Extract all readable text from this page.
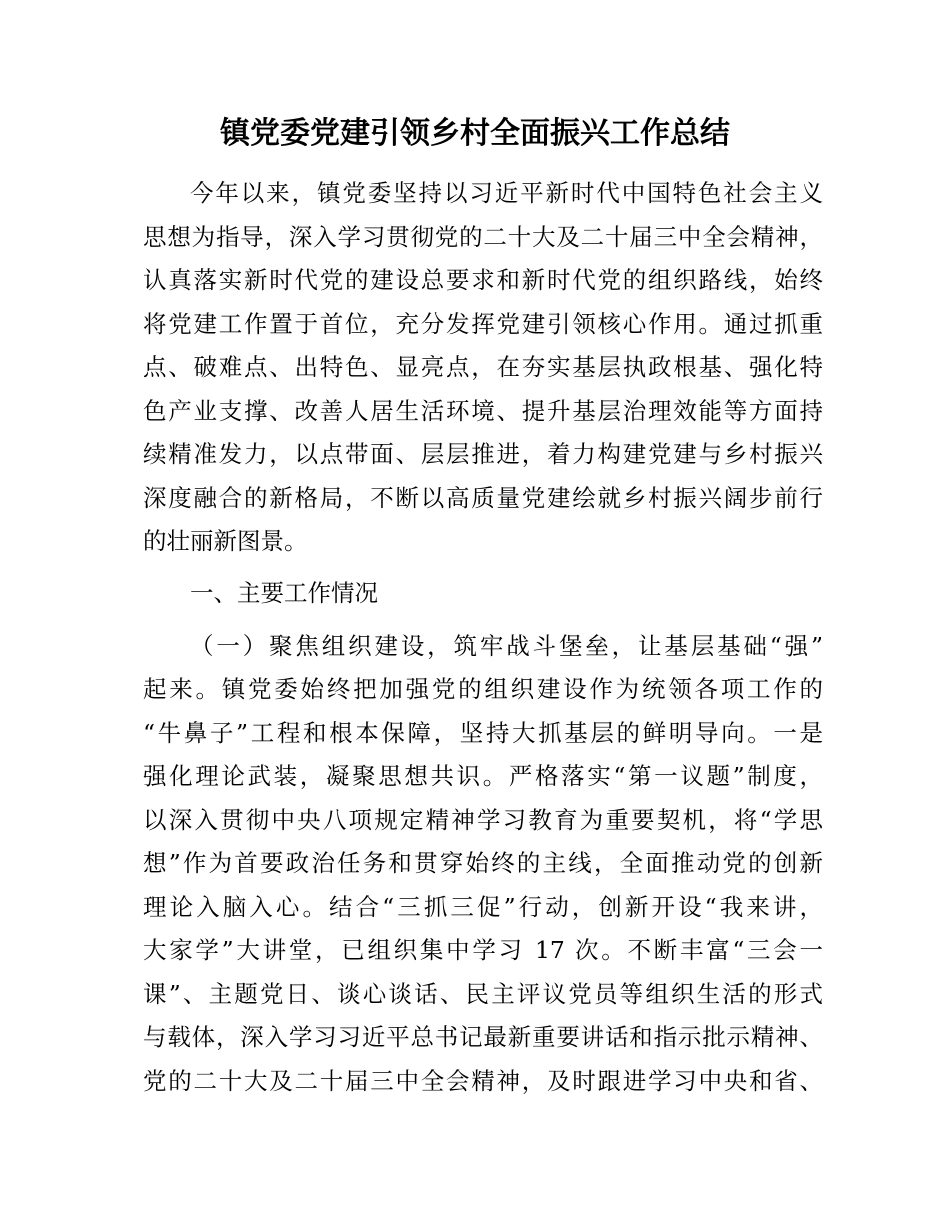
镇党委党建引领乡村全面振兴工作总结
今年以来，镇党委坚持以习近平新时代中国特色社会主义
思想为指导，深入学习贯彻党的二十大及二十届三中全会精神，
认真落实新时代党的建设总要求和新时代党的组织路线，始终
将党建工作置于首位，充分发挥党建引领核心作用。通过抓重
点、破难点、出特色、显亮点，在夯实基层执政根基、强化特
色产业支撑、改善人居生活环境、提升基层治理效能等方面持
续精准发力，以点带面、层层推进，着力构建党建与乡村振兴
深度融合的新格局，不断以高质量党建绘就乡村振兴阔步前行
的壮丽新图景。
一、主要工作情况
（一）聚焦组织建设，筑牢战斗堡垒，让基层基础“强”
起来。镇党委始终把加强党的组织建设作为统领各项工作的
“牛鼻子”工程和根本保障，坚持大抓基层的鲜明导向。一是
强化理论武装，凝聚思想共识。严格落实“第一议题”制度，
以深入贯彻中央八项规定精神学习教育为重要契机，将“学思
想”作为首要政治任务和贯穿始终的主线，全面推动党的创新
理论入脑入心。结合“三抓三促”行动，创新开设“我来讲，
大家学”大讲堂，已组织集中学习 17 次。不断丰富“三会一
课”、主题党日、谈心谈话、民主评议党员等组织生活的形式
与载体，深入学习习近平总书记最新重要讲话和指示批示精神、
党的二十大及二十届三中全会精神，及时跟进学习中央和省、
